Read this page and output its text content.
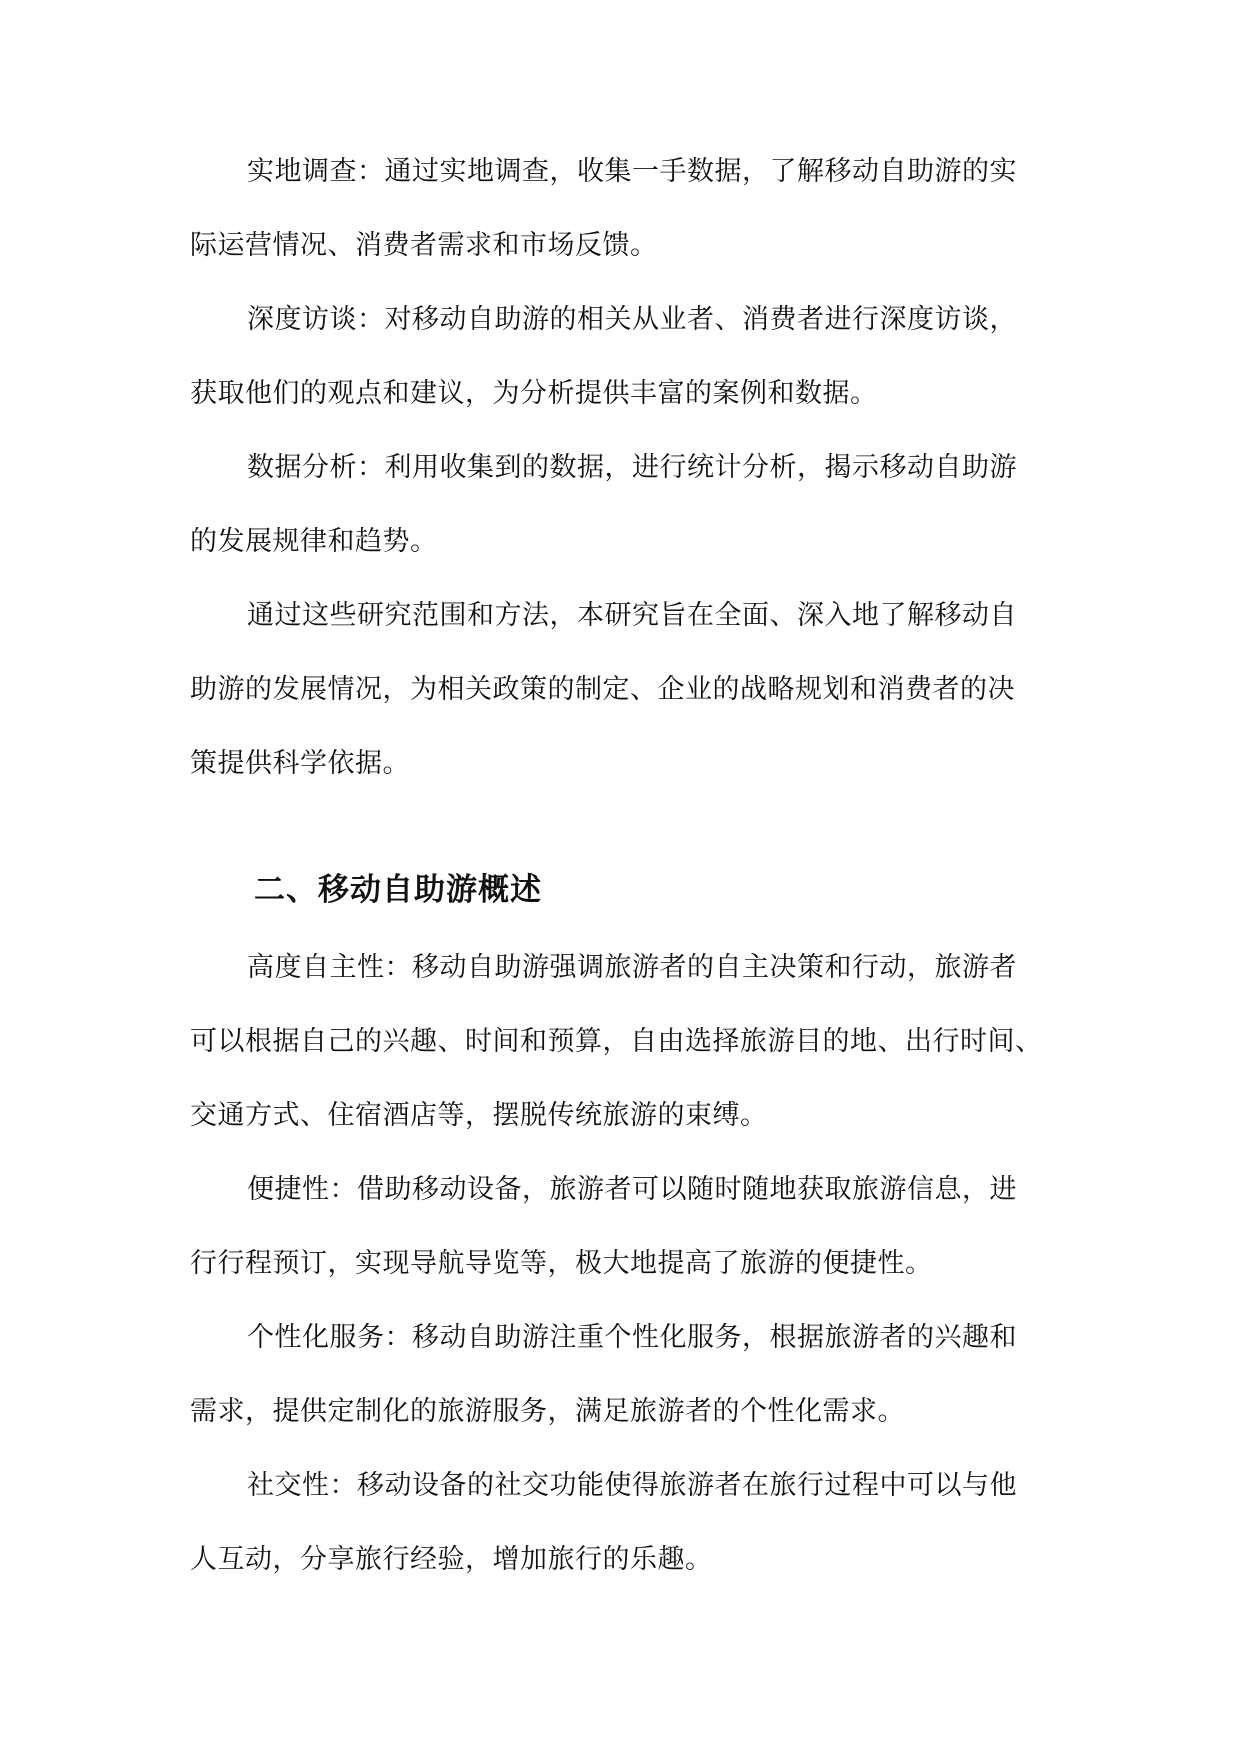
实地调查：通过实地调查，收集一手数据，了解移动自助游的实
际运营情况、消费者需求和市场反馈。
深度访谈：对移动自助游的相关从业者、消费者进行深度访谈，
获取他们的观点和建议，为分析提供丰富的案例和数据。
数据分析：利用收集到的数据，进行统计分析，揭示移动自助游
的发展规律和趋势。
通过这些研究范围和方法，本研究旨在全面、深入地了解移动自
助游的发展情况，为相关政策的制定、企业的战略规划和消费者的决
策提供科学依据。
二、移动自助游概述
高度自主性：移动自助游强调旅游者的自主决策和行动，旅游者
可以根据自己的兴趣、时间和预算，自由选择旅游目的地、出行时间、
交通方式、住宿酒店等，摆脱传统旅游的束缚。
便捷性：借助移动设备，旅游者可以随时随地获取旅游信息，进
行行程预订，实现导航导览等，极大地提高了旅游的便捷性。
个性化服务：移动自助游注重个性化服务，根据旅游者的兴趣和
需求，提供定制化的旅游服务，满足旅游者的个性化需求。
社交性：移动设备的社交功能使得旅游者在旅行过程中可以与他
人互动，分享旅行经验，增加旅行的乐趣。
